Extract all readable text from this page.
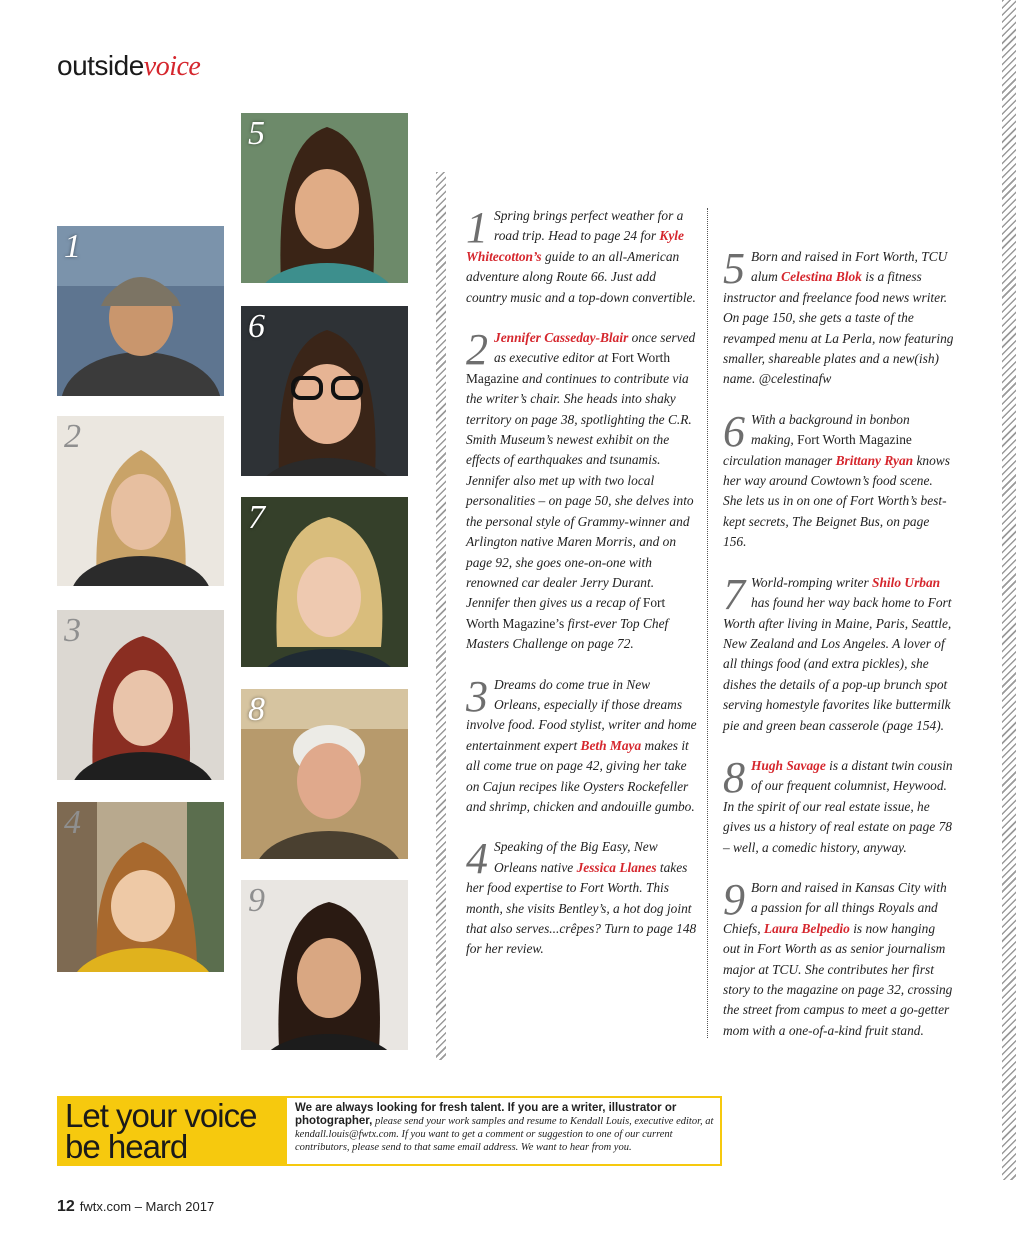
outsidevoice
1
2
3
4
5
6
7
8
9

1 Spring brings perfect weather for a road trip. Head to page 24 for Kyle Whitecotton’s guide to an all-American adventure along Route 66. Just add country music and a top-down convertible.

2 Jennifer Casseday-Blair once served as executive editor at Fort Worth Magazine and continues to contribute via the writer’s chair. She heads into shaky territory on page 38, spotlighting the C.R. Smith Museum’s newest exhibit on the effects of earthquakes and tsunamis. Jennifer also met up with two local personalities – on page 50, she delves into the personal style of Grammy-winner and Arlington native Maren Morris, and on page 92, she goes one-on-one with renowned car dealer Jerry Durant. Jennifer then gives us a recap of Fort Worth Magazine’s first-ever Top Chef Masters Challenge on page 72.

3 Dreams do come true in New Orleans, especially if those dreams involve food. Food stylist, writer and home entertainment expert Beth Maya makes it all come true on page 42, giving her take on Cajun recipes like Oysters Rockefeller and shrimp, chicken and andouille gumbo.

4 Speaking of the Big Easy, New Orleans native Jessica Llanes takes her food expertise to Fort Worth. This month, she visits Bentley’s, a hot dog joint that also serves...crêpes? Turn to page 148 for her review.

5 Born and raised in Fort Worth, TCU alum Celestina Blok is a fitness instructor and freelance food news writer. On page 150, she gets a taste of the revamped menu at La Perla, now featuring smaller, shareable plates and a new(ish) name. @celestinafw

6 With a background in bonbon making, Fort Worth Magazine circulation manager Brittany Ryan knows her way around Cowtown’s food scene. She lets us in on one of Fort Worth’s best-kept secrets, The Beignet Bus, on page 156.

7 World-romping writer Shilo Urban has found her way back home to Fort Worth after living in Maine, Paris, Seattle, New Zealand and Los Angeles. A lover of all things food (and extra pickles), she dishes the details of a pop-up brunch spot serving homestyle favorites like buttermilk pie and green bean casserole (page 154).

8 Hugh Savage is a distant twin cousin of our frequent columnist, Heywood. In the spirit of our real estate issue, he gives us a history of real estate on page 78 – well, a comedic history, anyway.

9 Born and raised in Kansas City with a passion for all things Royals and Chiefs, Laura Belpedio is now hanging out in Fort Worth as as senior journalism major at TCU. She contributes her first story to the magazine on page 32, crossing the street from campus to meet a go-getter mom with a one-of-a-kind fruit stand.

Let your voice
be heard
We are always looking for fresh talent. If you are a writer, illustrator or photographer, please send your work samples and resume to Kendall Louis, executive editor, at kendall.louis@fwtx.com. If you want to get a comment or suggestion to one of our current contributors, please send to that same email address. We want to hear from you.
12 fwtx.com – March 2017
